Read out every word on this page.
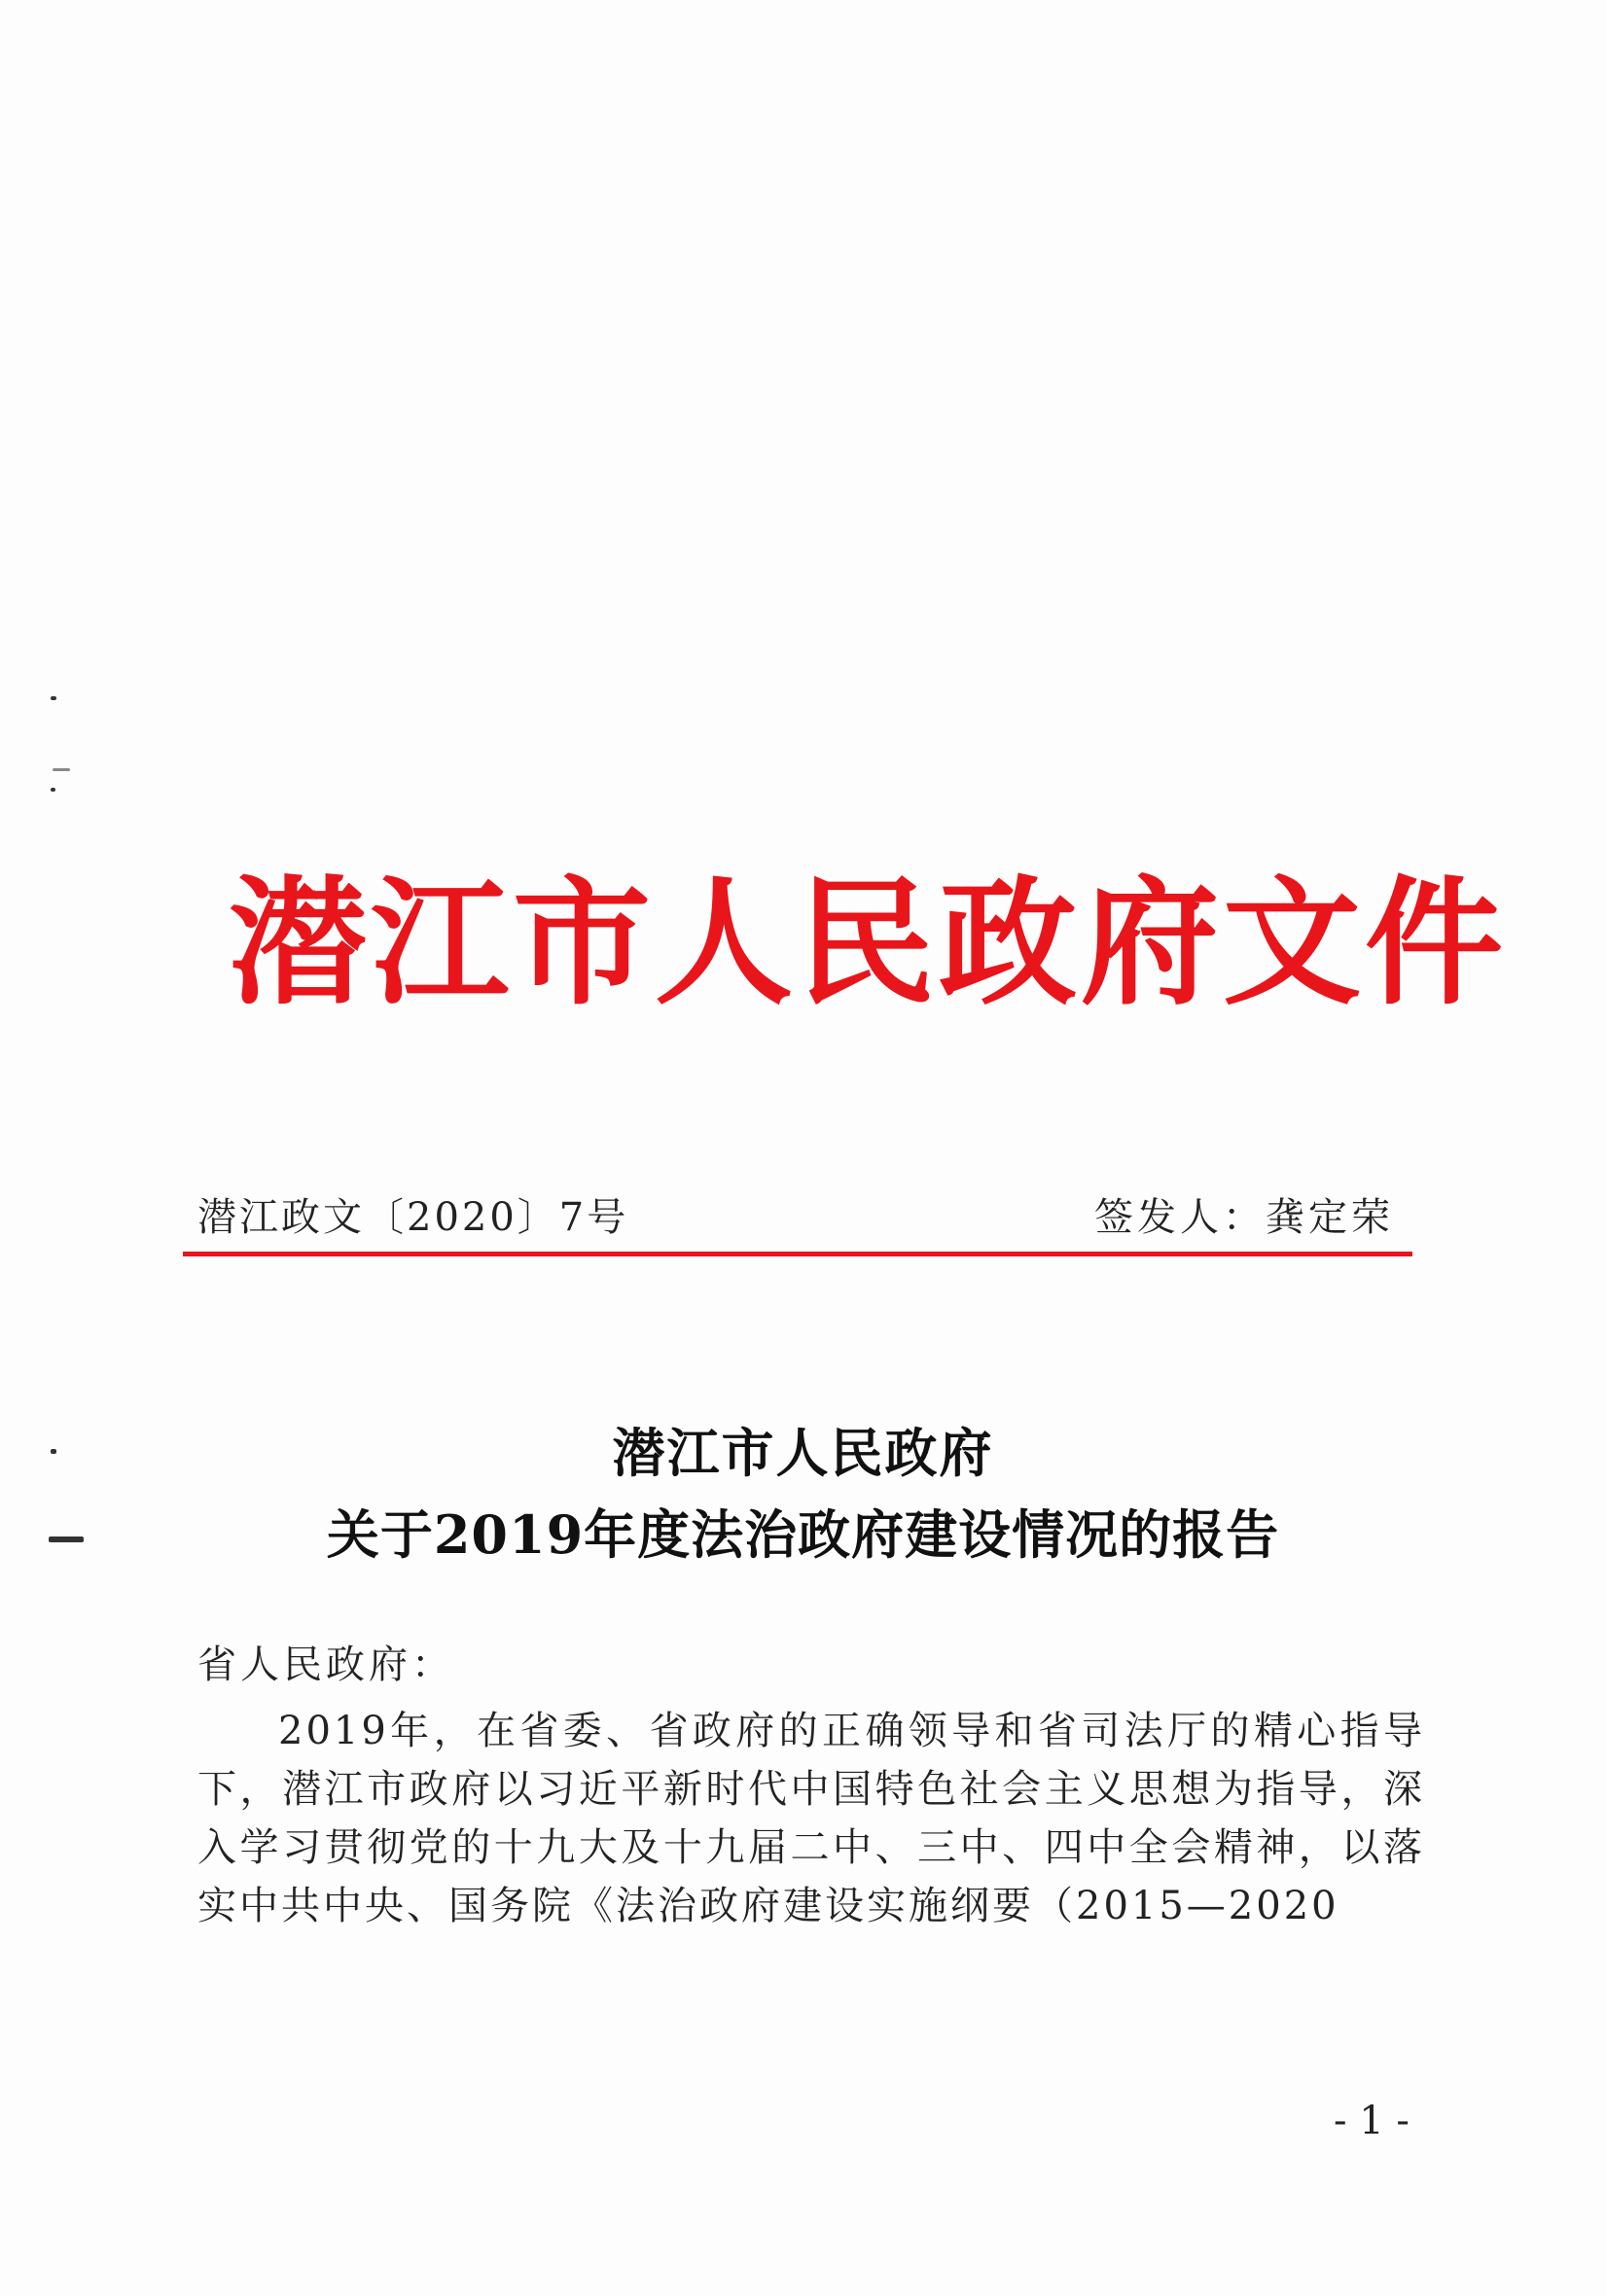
潜江市人民政府文件
潜江政文〔2020〕7号	签发人：龚定荣
潜江市人民政府
关于2019年度法治政府建设情况的报告
省人民政府：
2019年，在省委、省政府的正确领导和省司法厅的精心指导下，潜江市政府以习近平新时代中国特色社会主义思想为指导，深入学习贯彻党的十九大及十九届二中、三中、四中全会精神，以落实中共中央、国务院《法治政府建设实施纲要（2015—2020
- 1 -
